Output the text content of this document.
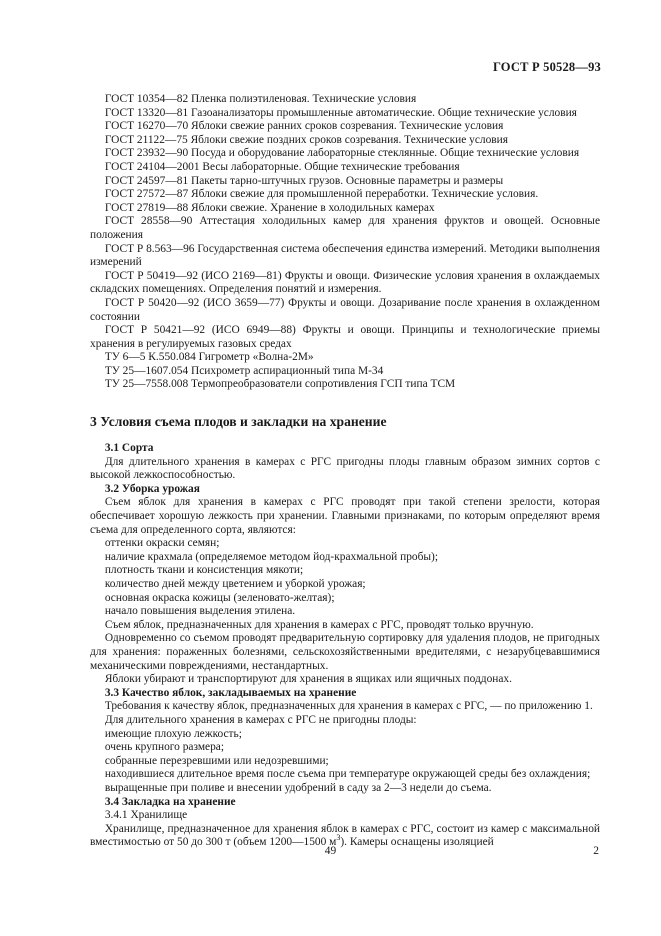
ГОСТ Р 50528—93

ГОСТ 10354—82 Пленка полиэтиленовая. Технические условия

ГОСТ 13320—81 Газоанализаторы промышленные автоматические. Общие технические условия

ГОСТ 16270—70 Яблоки свежие ранних сроков созревания. Технические условия

ГОСТ 21122—75 Яблоки свежие поздних сроков созревания. Технические условия

ГОСТ 23932—90 Посуда и оборудование лабораторные стеклянные. Общие технические условия

ГОСТ 24104—2001 Весы лабораторные. Общие технические требования

ГОСТ 24597—81 Пакеты тарно-штучных грузов. Основные параметры и размеры

ГОСТ 27572—87 Яблоки свежие для промышленной переработки. Технические условия.

ГОСТ 27819—88 Яблоки свежие. Хранение в холодильных камерах

ГОСТ 28558—90 Аттестация холодильных камер для хранения фруктов и овощей. Основные положения

ГОСТ Р 8.563—96 Государственная система обеспечения единства измерений. Методики выполнения измерений

ГОСТ Р 50419—92 (ИСО 2169—81) Фрукты и овощи. Физические условия хранения в охлаждаемых складских помещениях. Определения понятий и измерения.

ГОСТ Р 50420—92 (ИСО 3659—77) Фрукты и овощи. Дозаривание после хранения в охлажденном состоянии

ГОСТ Р 50421—92 (ИСО 6949—88) Фрукты и овощи. Принципы и технологические приемы хранения в регулируемых газовых средах

ТУ 6—5 К.550.084 Гигрометр «Волна-2М»

ТУ 25—1607.054 Психрометр аспирационный типа М-34

ТУ 25—7558.008 Термопреобразователи сопротивления ГСП типа ТСМ

3 Условия съема плодов и закладки на хранение

3.1 Сорта

Для длительного хранения в камерах с РГС пригодны плоды главным образом зимних сортов с высокой лежкоспособностью.

3.2 Уборка урожая

Съем яблок для хранения в камерах с РГС проводят при такой степени зрелости, которая обеспечивает хорошую лежкость при хранении. Главными признаками, по которым определяют время съема для определенного сорта, являются:

оттенки окраски семян;

наличие крахмала (определяемое методом йод-крахмальной пробы);

плотность ткани и консистенция мякоти;

количество дней между цветением и уборкой урожая;

основная окраска кожицы (зеленовато-желтая);

начало повышения выделения этилена.

Съем яблок, предназначенных для хранения в камерах с РГС, проводят только вручную.

Одновременно со съемом проводят предварительную сортировку для удаления плодов, не пригодных для хранения: пораженных болезнями, сельскохозяйственными вредителями, с незарубцевавшимися механическими повреждениями, нестандартных.

Яблоки убирают и транспортируют для хранения в ящиках или ящичных поддонах.

3.3 Качество яблок, закладываемых на хранение

Требования к качеству яблок, предназначенных для хранения в камерах с РГС, — по приложению 1.

Для длительного хранения в камерах с РГС не пригодны плоды:

имеющие плохую лежкость;

очень крупного размера;

собранные перезревшими или недозревшими;

находившиеся длительное время после съема при температуре окружающей среды без охлаждения;

выращенные при поливе и внесении удобрений в саду за 2—3 недели до съема.

3.4 Закладка на хранение

3.4.1 Хранилище

Хранилище, предназначенное для хранения яблок в камерах с РГС, состоит из камер с максимальной вместимостью от 50 до 300 т (объем 1200—1500 $м^3$). Камеры оснащены изоляцией

49	2
